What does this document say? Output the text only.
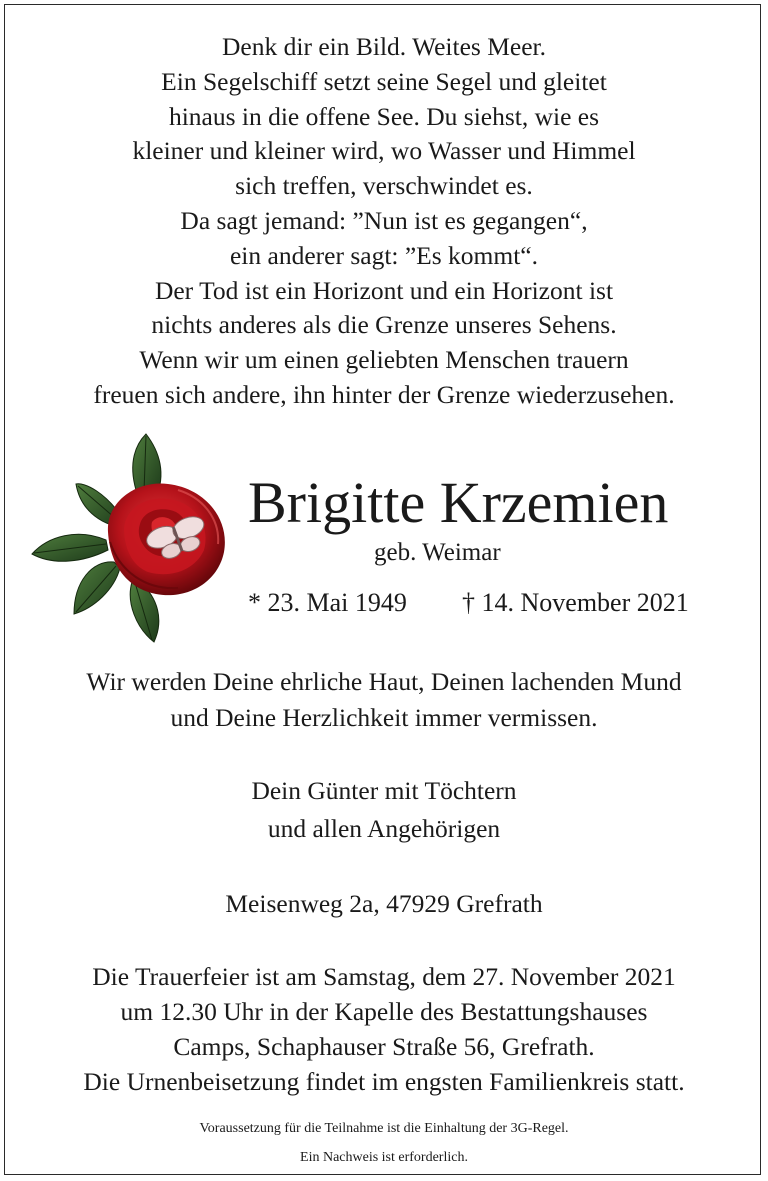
Denk dir ein Bild. Weites Meer.
Ein Segelschiff setzt seine Segel und gleitet
hinaus in die offene See. Du siehst, wie es
kleiner und kleiner wird, wo Wasser und Himmel
sich treffen, verschwindet es.
Da sagt jemand: ”Nun ist es gegangen“,
ein anderer sagt: ”Es kommt“.
Der Tod ist ein Horizont und ein Horizont ist
nichts anderes als die Grenze unseres Sehens.
Wenn wir um einen geliebten Menschen trauern
freuen sich andere, ihn hinter der Grenze wiederzusehen.
Brigitte Krzemien
geb. Weimar
* 23. Mai 1949 † 14. November 2021
Wir werden Deine ehrliche Haut, Deinen lachenden Mund
und Deine Herzlichkeit immer vermissen.
Dein Günter mit Töchtern
und allen Angehörigen
Meisenweg 2a, 47929 Grefrath
Die Trauerfeier ist am Samstag, dem 27. November 2021
um 12.30 Uhr in der Kapelle des Bestattungshauses
Camps, Schaphauser Straße 56, Grefrath.
Die Urnenbeisetzung findet im engsten Familienkreis statt.
Voraussetzung für die Teilnahme ist die Einhaltung der 3G-Regel.
Ein Nachweis ist erforderlich.
